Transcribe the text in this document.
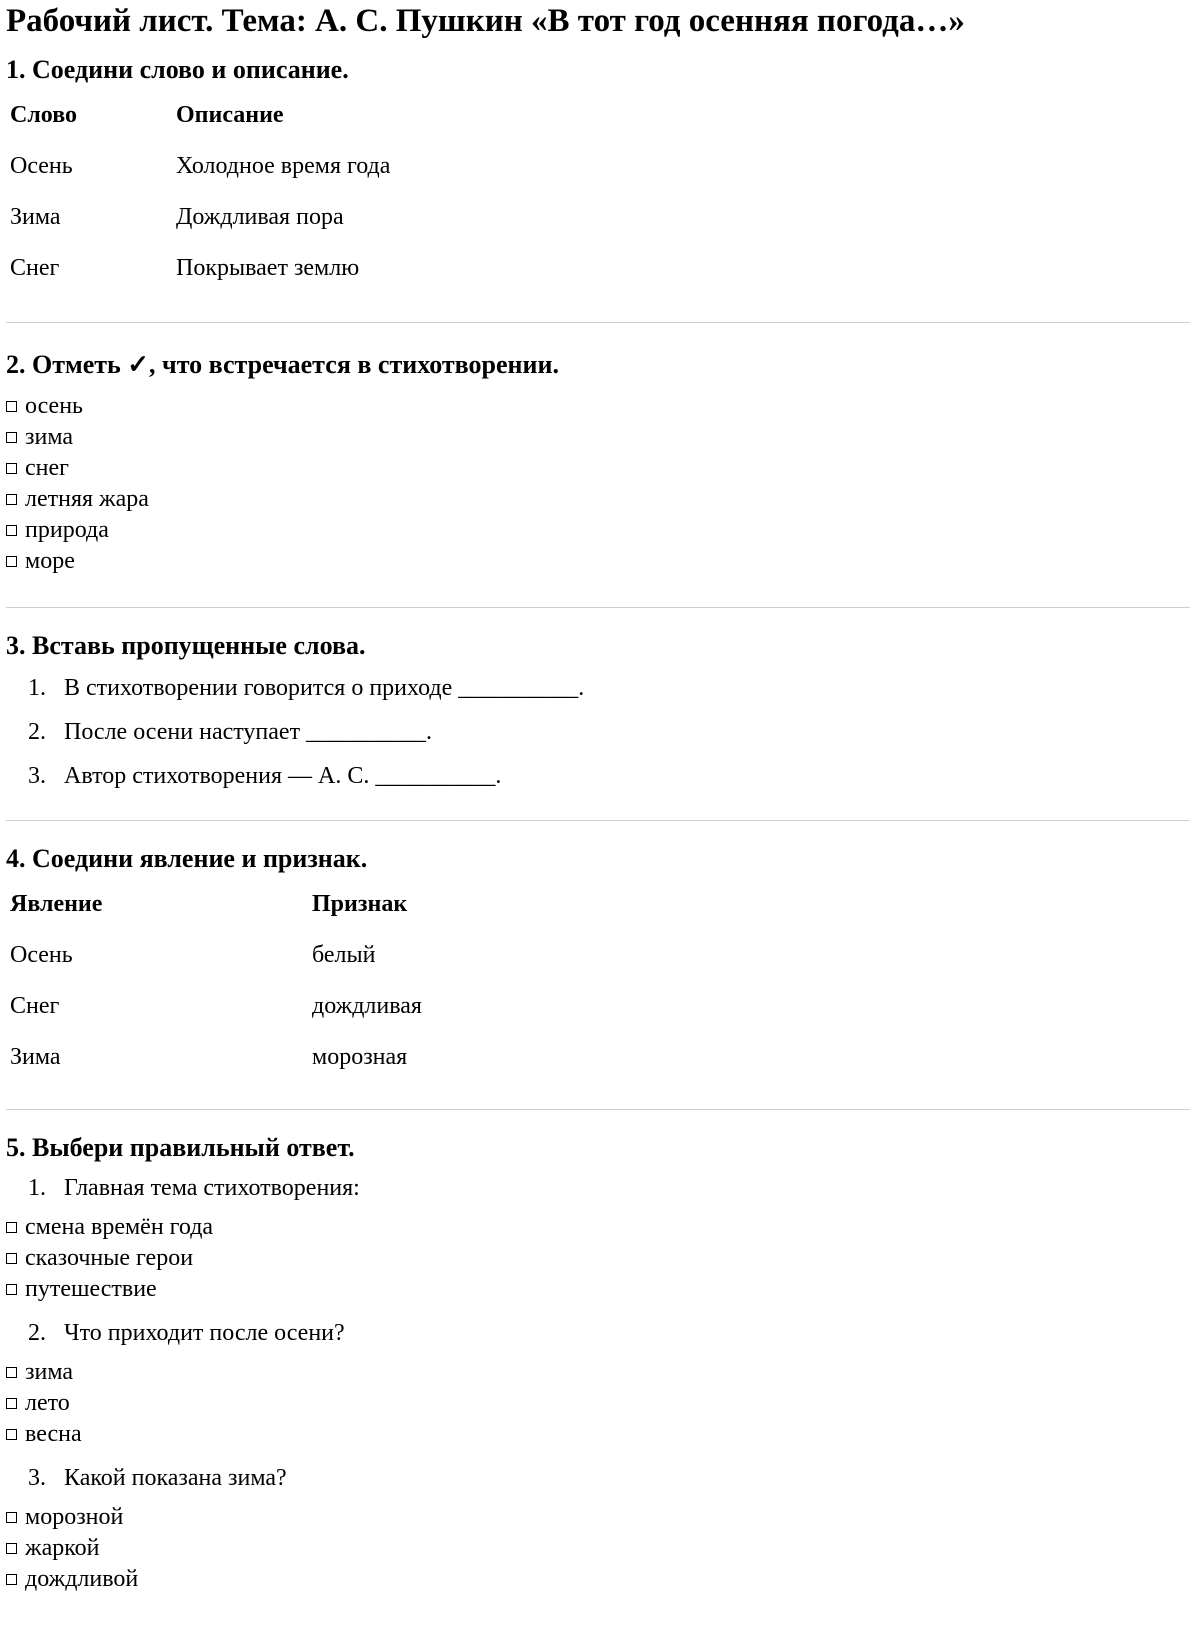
Рабочий лист. Тема: А. С. Пушкин «В тот год осенняя погода…»
1. Соедини слово и описание.
Слово	Описание
Осень	Холодное время года
Зима	Дождливая пора
Снег	Покрывает землю
2. Отметь ✓, что встречается в стихотворении.
осень
зима
снег
летняя жара
природа
море
3. Вставь пропущенные слова.
1. В стихотворении говорится о приходе __________.
2. После осени наступает __________.
3. Автор стихотворения — А. С. __________.
4. Соедини явление и признак.
Явление	Признак
Осень	белый
Снег	дождливая
Зима	морозная
5. Выбери правильный ответ.
1. Главная тема стихотворения:
смена времён года
сказочные герои
путешествие
2. Что приходит после осени?
зима
лето
весна
3. Какой показана зима?
морозной
жаркой
дождливой
